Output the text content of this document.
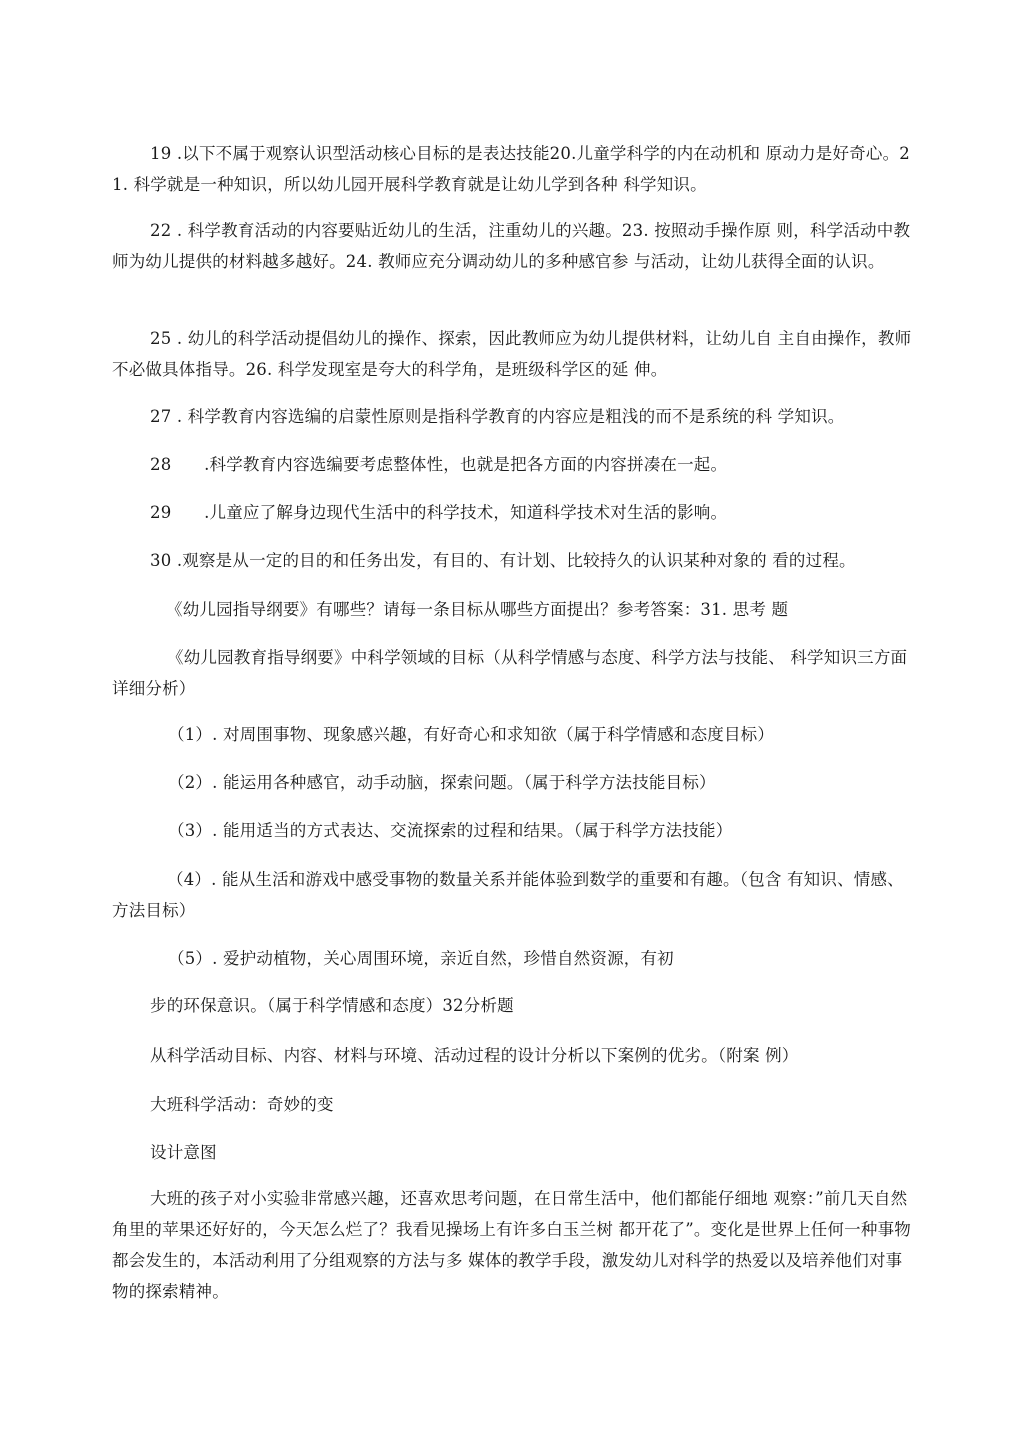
19 .以下不属于观察认识型活动核心目标的是表达技能20.儿童学科学的内在动机和 原动力是好奇心。21. 科学就是一种知识，所以幼儿园开展科学教育就是让幼儿学到各种 科学知识。
22 . 科学教育活动的内容要贴近幼儿的生活，注重幼儿的兴趣。23. 按照动手操作原 则，科学活动中教师为幼儿提供的材料越多越好。24. 教师应充分调动幼儿的多种感官参 与活动，让幼儿获得全面的认识。
25 . 幼儿的科学活动提倡幼儿的操作、探索，因此教师应为幼儿提供材料，让幼儿自 主自由操作，教师不必做具体指导。26. 科学发现室是夸大的科学角，是班级科学区的延 伸。
27 . 科学教育内容选编的启蒙性原则是指科学教育的内容应是粗浅的而不是系统的科 学知识。
28      .科学教育内容选编要考虑整体性，也就是把各方面的内容拼凑在一起。
29      .儿童应了解身边现代生活中的科学技术，知道科学技术对生活的影响。
30 .观察是从一定的目的和任务出发，有目的、有计划、比较持久的认识某种对象的 看的过程。
《幼儿园指导纲要》有哪些？请每一条目标从哪些方面提出？参考答案：31. 思考 题
《幼儿园教育指导纲要》中科学领域的目标（从科学情感与态度、科学方法与技能、 科学知识三方面详细分析）
（1）. 对周围事物、现象感兴趣，有好奇心和求知欲（属于科学情感和态度目标）
（2）. 能运用各种感官，动手动脑，探索问题。（属于科学方法技能目标）
（3）. 能用适当的方式表达、交流探索的过程和结果。（属于科学方法技能）
（4）. 能从生活和游戏中感受事物的数量关系并能体验到数学的重要和有趣。（包含 有知识、情感、方法目标）
（5）. 爱护动植物，关心周围环境，亲近自然，珍惜自然资源，有初
步的环保意识。（属于科学情感和态度）32分析题
从科学活动目标、内容、材料与环境、活动过程的设计分析以下案例的优劣。（附案 例）
大班科学活动：奇妙的变
设计意图
大班的孩子对小实验非常感兴趣，还喜欢思考问题，在日常生活中，他们都能仔细地 观察：”前几天自然角里的苹果还好好的，今天怎么烂了？我看见操场上有许多白玉兰树 都开花了”。变化是世界上任何一种事物都会发生的，本活动利用了分组观察的方法与多 媒体的教学手段，激发幼儿对科学的热爱以及培养他们对事物的探索精神。
